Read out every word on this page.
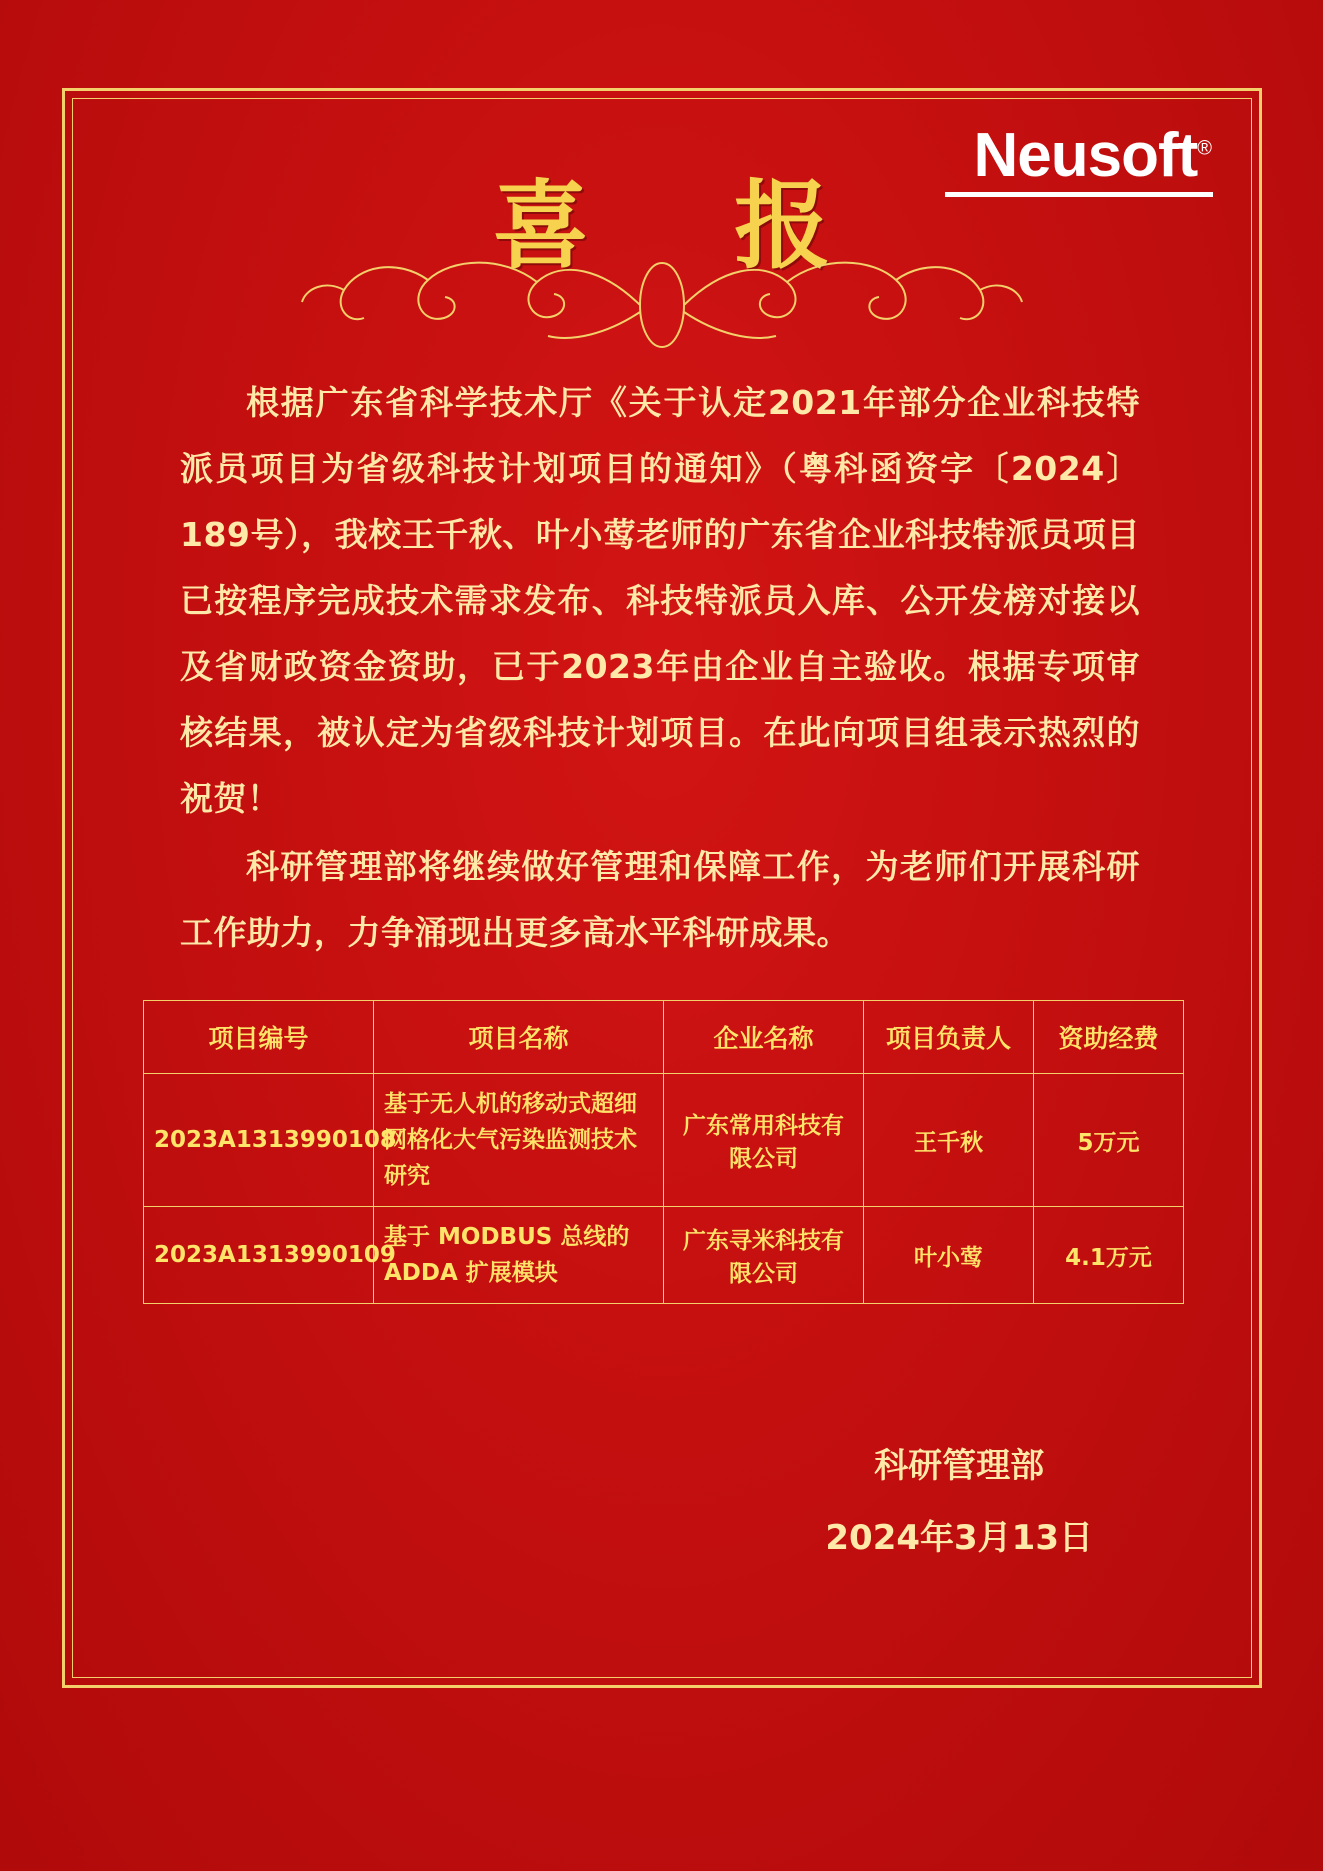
Neusoft®
喜 报

根据广东省科学技术厅《关于认定2021年部分企业科技特派员项目为省级科技计划项目的通知》（粤科函资字〔2024〕189号），我校王千秋、叶小莺老师的广东省企业科技特派员项目已按程序完成技术需求发布、科技特派员入库、公开发榜对接以及省财政资金资助，已于2023年由企业自主验收。根据专项审核结果，被认定为省级科技计划项目。在此向项目组表示热烈的祝贺！

科研管理部将继续做好管理和保障工作，为老师们开展科研工作助力，力争涌现出更多高水平科研成果。

项目编号	项目名称	企业名称	项目负责人	资助经费
2023A1313990108	基于无人机的移动式超细网格化大气污染监测技术研究	广东常用科技有限公司	王千秋	5万元
2023A1313990109	基于 MODBUS 总线的 ADDA 扩展模块	广东寻米科技有限公司	叶小莺	4.1万元
科研管理部
2024年3月13日
